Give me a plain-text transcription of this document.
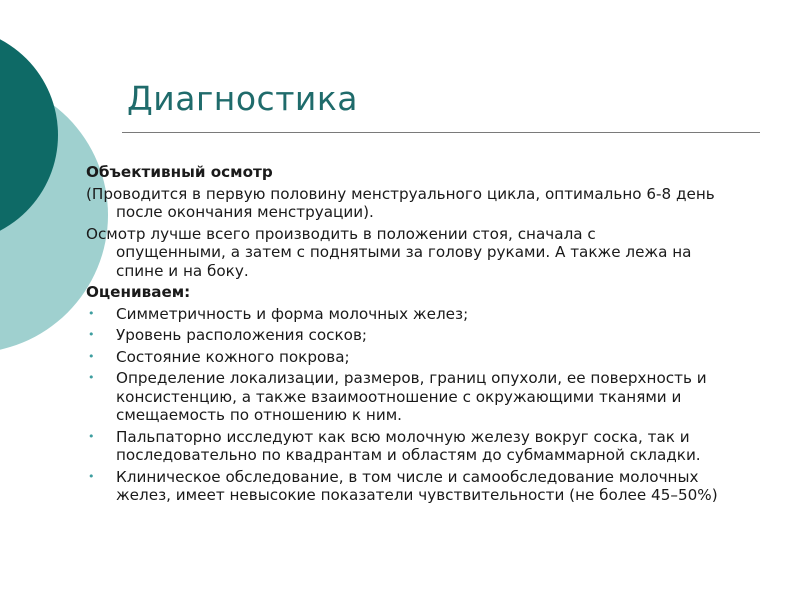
Диагностика

Объективный осмотр

(Проводится в первую половину менструального цикла, оптимально 6-8 день после окончания менструации).

Осмотр лучше всего производить в положении стоя, сначала с опущенными, а затем с поднятыми за голову руками. А также лежа на спине и на боку.

Оцениваем:

• Симметричность и форма молочных желез;
• Уровень расположения сосков;
• Состояние кожного покрова;
• Определение локализации, размеров, границ опухоли, ее поверхность и консистенцию, а также взаимоотношение с окружающими тканями и смещаемость по отношению к ним.
• Пальпаторно исследуют как всю молочную железу вокруг соска, так и последовательно по квадрантам и областям до субмаммарной складки.
• Клиническое обследование, в том числе и самообследование молочных желез, имеет невысокие показатели чувствительности (не более 45–50%)
